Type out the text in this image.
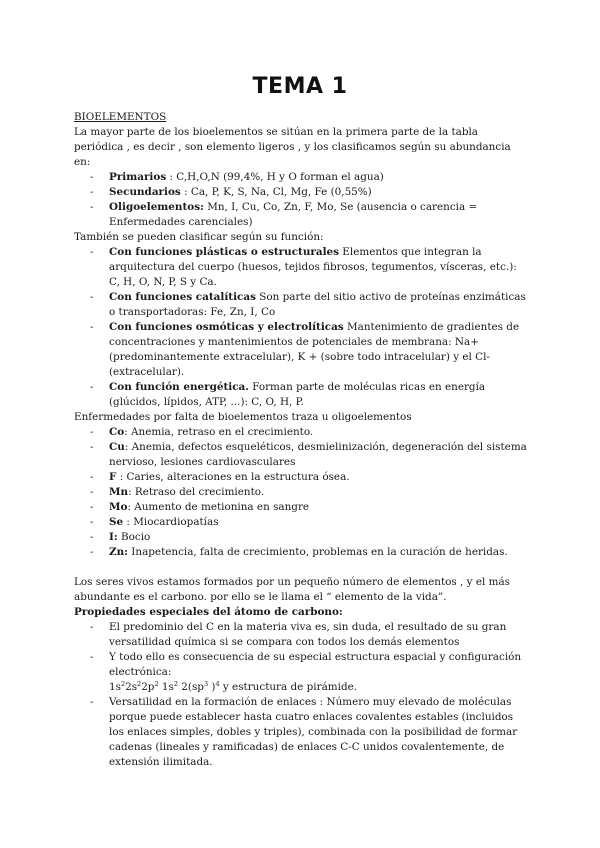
TEMA 1

BIOELEMENTOS

La mayor parte de los bioelementos se sitúan en la primera parte de la tabla periódica , es decir , son elemento ligeros , y los clasificamos según su abundancia en:

- Primarios : C,H,O,N (99,4%, H y O forman el agua)
- Secundarios : Ca, P, K, S, Na, Cl, Mg, Fe (0,55%)
- Oligoelementos: Mn, I, Cu, Co, Zn, F, Mo, Se (ausencia o carencia = Enfermedades carenciales)

También se pueden clasificar según su función:

- Con funciones plásticas o estructurales Elementos que integran la arquitectura del cuerpo (huesos, tejidos fibrosos, tegumentos, vísceras, etc.): C, H, O, N, P, S y Ca.
- Con funciones catalíticas Son parte del sitio activo de proteínas enzimáticas o transportadoras: Fe, Zn, I, Co
- Con funciones osmóticas y electrolíticas Mantenimiento de gradientes de concentraciones y mantenimientos de potenciales de membrana: Na+ (predominantemente extracelular), K + (sobre todo intracelular) y el Cl- (extracelular).
- Con función energética. Forman parte de moléculas ricas en energía (glúcidos, lípidos, ATP, ...): C, O, H, P.

Enfermedades por falta de bioelementos traza u oligoelementos

- Co: Anemia, retraso en el crecimiento.
- Cu: Anemia, defectos esqueléticos, desmielinización, degeneración del sistema nervioso, lesiones cardiovasculares
- F : Caries, alteraciones en la estructura ósea.
- Mn: Retraso del crecimiento.
- Mo: Aumento de metionina en sangre
- Se : Miocardiopatías
- I: Bocio
- Zn: Inapetencia, falta de crecimiento, problemas en la curación de heridas.

Los seres vivos estamos formados por un pequeño número de elementos , y el más abundante es el carbono. por ello se le llama el “ elemento de la vida”.

Propiedades especiales del átomo de carbono:

- El predominio del C en la materia viva es, sin duda, el resultado de su gran versatilidad química si se compara con todos los demás elementos
- Y todo ello es consecuencia de su especial estructura espacial y configuración electrónica:
$1s^22s^22p^2$ $1s^2$ $2(sp^3$ )$^4$ y estructura de pirámide.
- Versatilidad en la formación de enlaces : Número muy elevado de moléculas porque puede establecer hasta cuatro enlaces covalentes estables (incluidos los enlaces simples, dobles y triples), combinada con la posibilidad de formar cadenas (lineales y ramificadas) de enlaces C-C unidos covalentemente, de extensión ilimitada.
